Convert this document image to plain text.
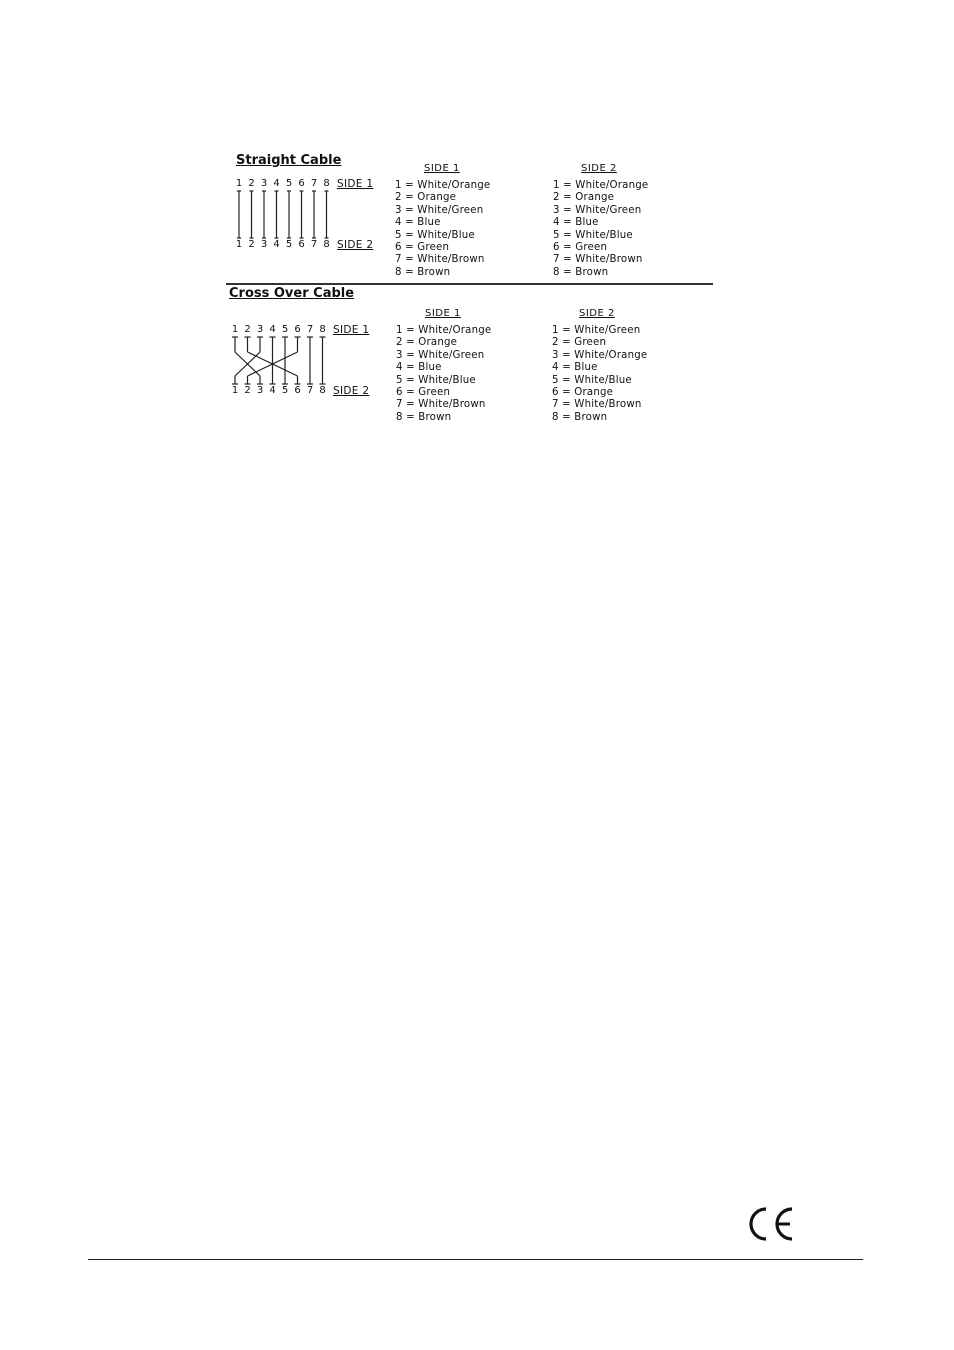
Straight Cable
1 2 3 4 5 6 7 8 SIDE 1
1 2 3 4 5 6 7 8 SIDE 2
SIDE 1
1 = White/Orange
2 = Orange
3 = White/Green
4 = Blue
5 = White/Blue
6 = Green
7 = White/Brown
8 = Brown
SIDE 2
1 = White/Orange
2 = Orange
3 = White/Green
4 = Blue
5 = White/Blue
6 = Green
7 = White/Brown
8 = Brown
Cross Over Cable
1 2 3 4 5 6 7 8 SIDE 1
1 2 3 4 5 6 7 8 SIDE 2
SIDE 1
1 = White/Orange
2 = Orange
3 = White/Green
4 = Blue
5 = White/Blue
6 = Green
7 = White/Brown
8 = Brown
SIDE 2
1 = White/Green
2 = Green
3 = White/Orange
4 = Blue
5 = White/Blue
6 = Orange
7 = White/Brown
8 = Brown
